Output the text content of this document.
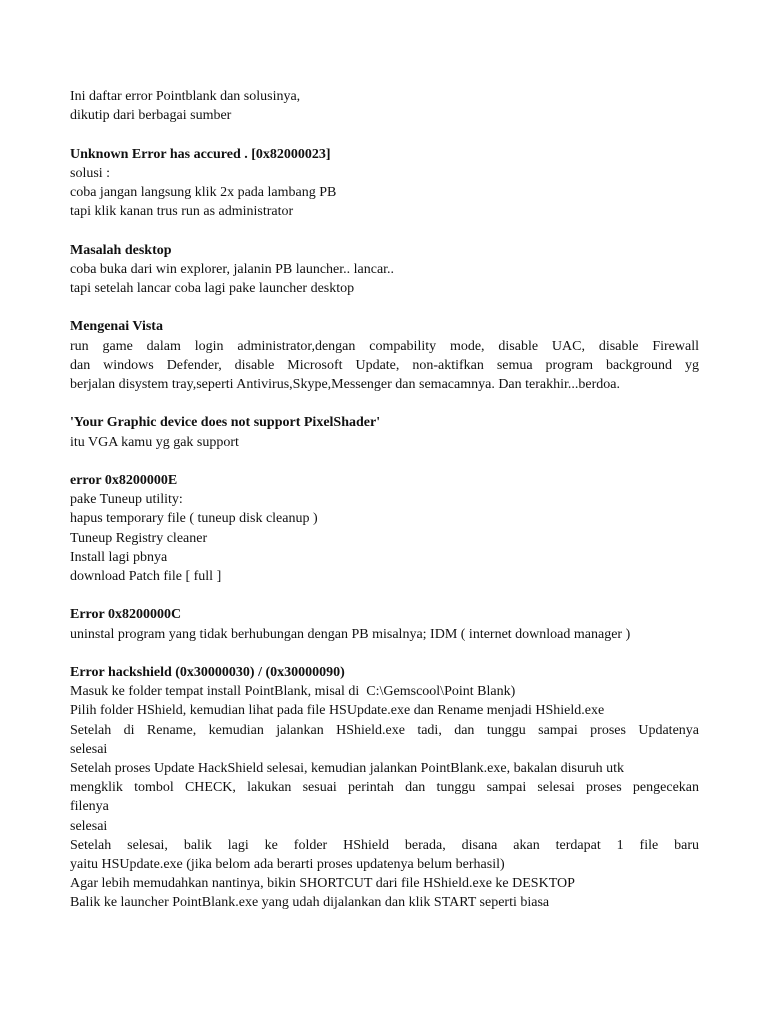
Ini daftar error Pointblank dan solusinya,

dikutip dari berbagai sumber

Unknown Error has accured . [0x82000023]

solusi :

coba jangan langsung klik 2x pada lambang PB

tapi klik kanan trus run as administrator

Masalah desktop

coba buka dari win explorer, jalanin PB launcher.. lancar..

tapi setelah lancar coba lagi pake launcher desktop

Mengenai Vista

run game dalam login administrator,dengan compability mode, disable UAC, disable Firewall

dan windows Defender, disable Microsoft Update, non-aktifkan semua program background yg

berjalan disystem tray,seperti Antivirus,Skype,Messenger dan semacamnya. Dan terakhir...berdoa.

'Your Graphic device does not support PixelShader'

itu VGA kamu yg gak support

error 0x8200000E

pake Tuneup utility:

hapus temporary file ( tuneup disk cleanup )

Tuneup Registry cleaner

Install lagi pbnya

download Patch file [ full ]

Error 0x8200000C

uninstal program yang tidak berhubungan dengan PB misalnya; IDM ( internet download manager )

Error hackshield (0x30000030) / (0x30000090)

Masuk ke folder tempat install PointBlank, misal di  C:\Gemscool\Point Blank)

Pilih folder HShield, kemudian lihat pada file HSUpdate.exe dan Rename menjadi HShield.exe

Setelah di Rename, kemudian jalankan HShield.exe tadi, dan tunggu sampai proses Updatenya

selesai

Setelah proses Update HackShield selesai, kemudian jalankan PointBlank.exe, bakalan disuruh utk

mengklik tombol CHECK, lakukan sesuai perintah dan tunggu sampai selesai proses pengecekan

filenya

selesai

Setelah selesai, balik lagi ke folder HShield berada, disana akan terdapat 1 file baru

yaitu HSUpdate.exe (jika belom ada berarti proses updatenya belum berhasil)

Agar lebih memudahkan nantinya, bikin SHORTCUT dari file HShield.exe ke DESKTOP

Balik ke launcher PointBlank.exe yang udah dijalankan dan klik START seperti biasa
